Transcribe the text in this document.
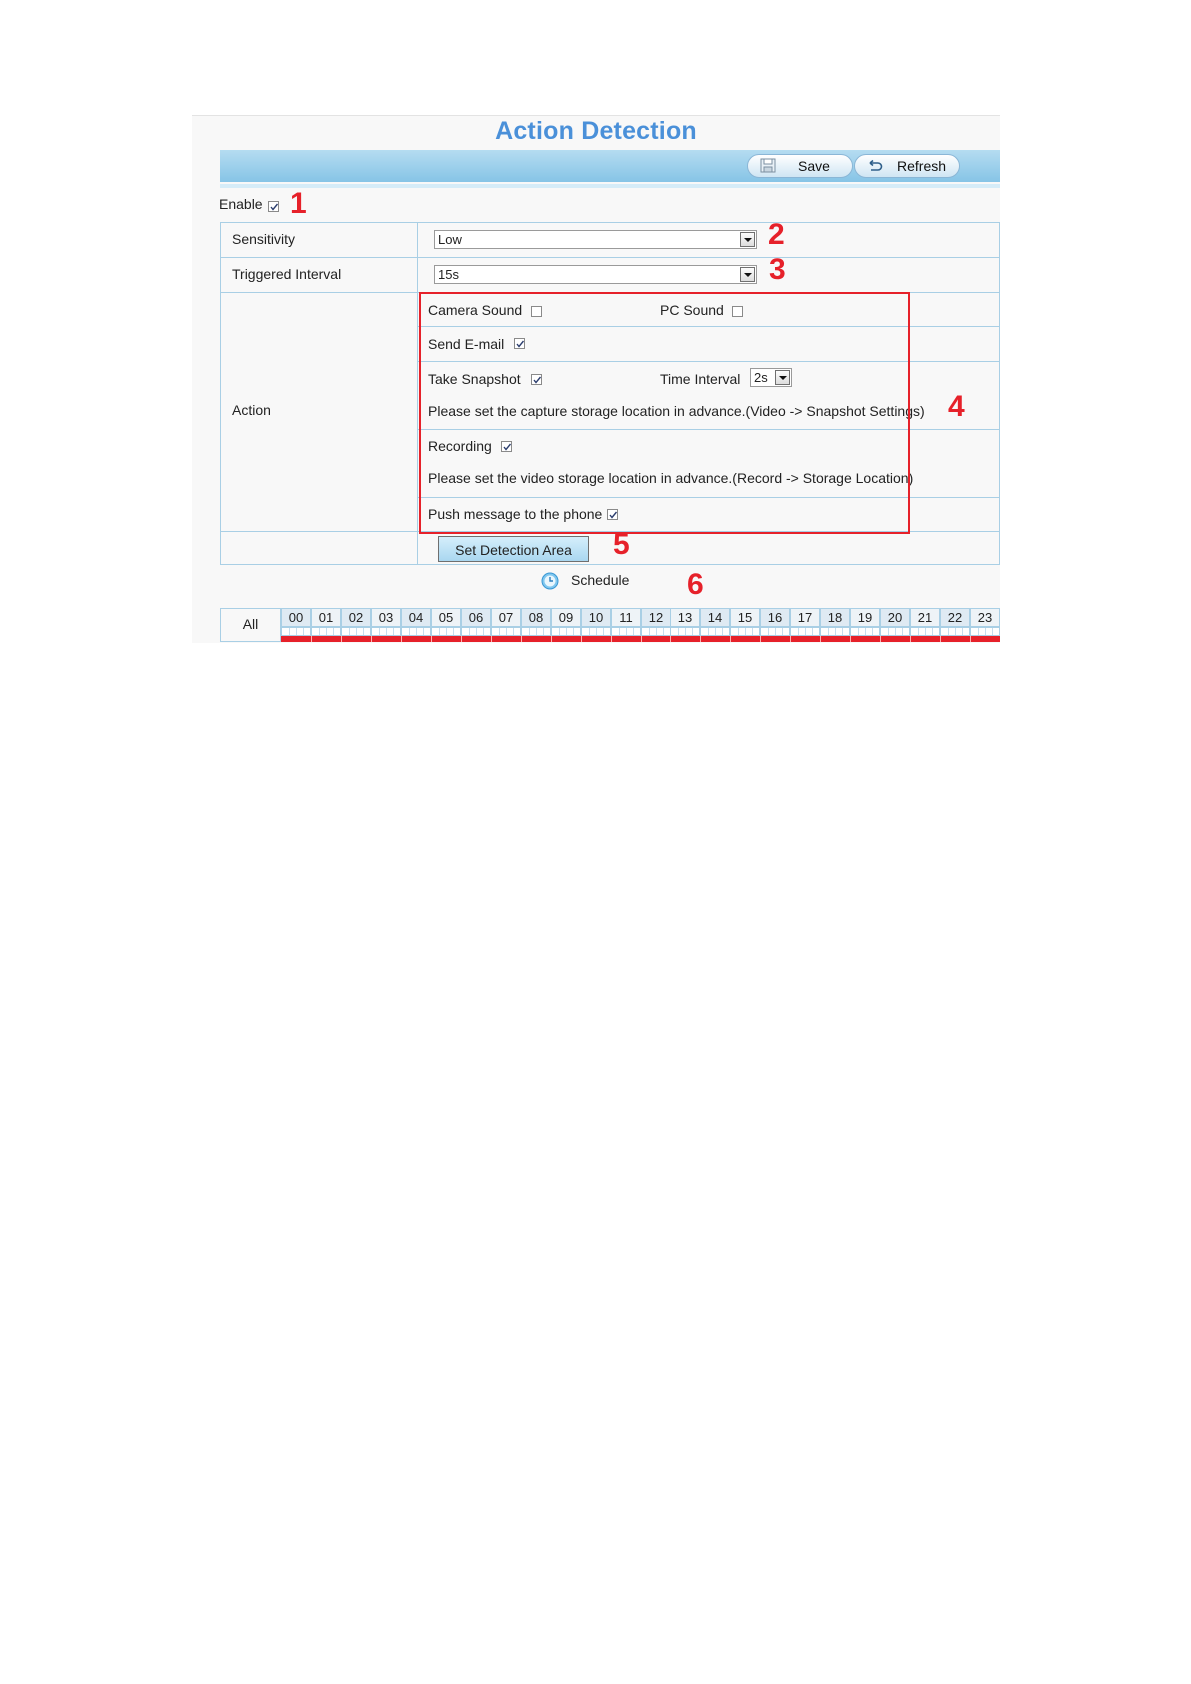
Action Detection
Save	Refresh
Enable 1
Sensitivity	Low	2
Triggered Interval	15s	3
Action
Camera Sound	PC Sound
Send E-mail
Take Snapshot	Time Interval 2s
Please set the capture storage location in advance.(Video -> Snapshot Settings)
Recording
Please set the video storage location in advance.(Record -> Storage Location)
Push message to the phone
4
Set Detection Area	5
Schedule 6
All	00	01	02	03	04	05	06	07	08	09	10	11	12	13	14	15	16	17	18	19	20	21	22	23
